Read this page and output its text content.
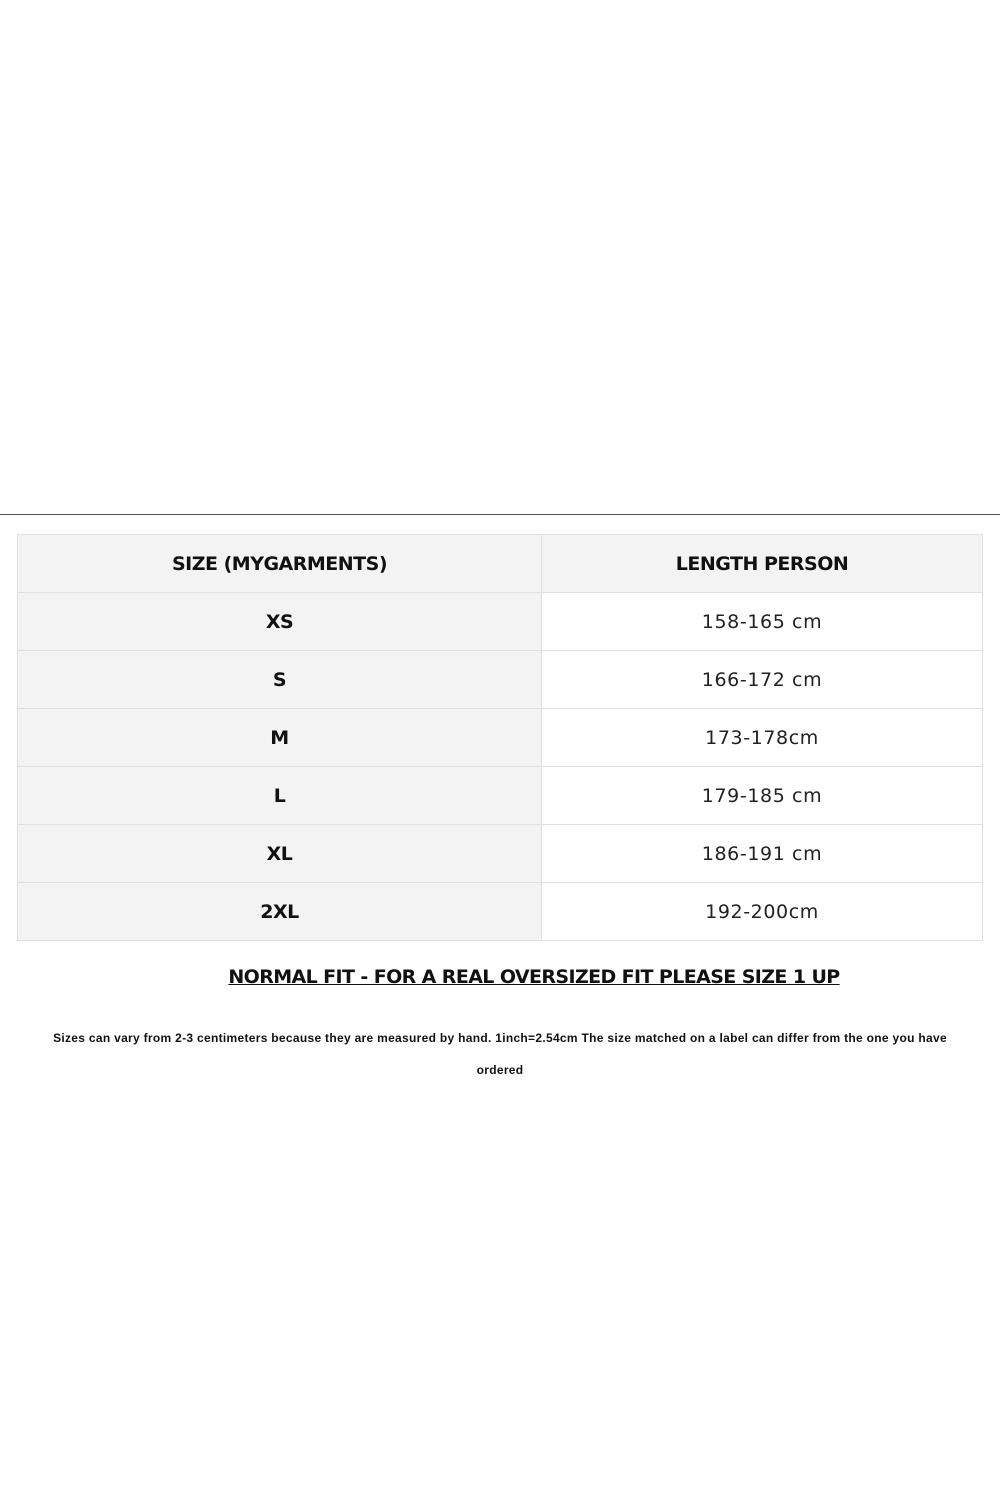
SIZE (MYGARMENTS)	LENGTH PERSON
XS	158-165 cm
S	166-172 cm
M	173-178cm
L	179-185 cm
XL	186-191 cm
2XL	192-200cm
NORMAL FIT - FOR A REAL OVERSIZED FIT PLEASE SIZE 1 UP
Sizes can vary from 2-3 centimeters because they are measured by hand. 1inch=2.54cm The size matched on a label can differ from the one you have ordered
